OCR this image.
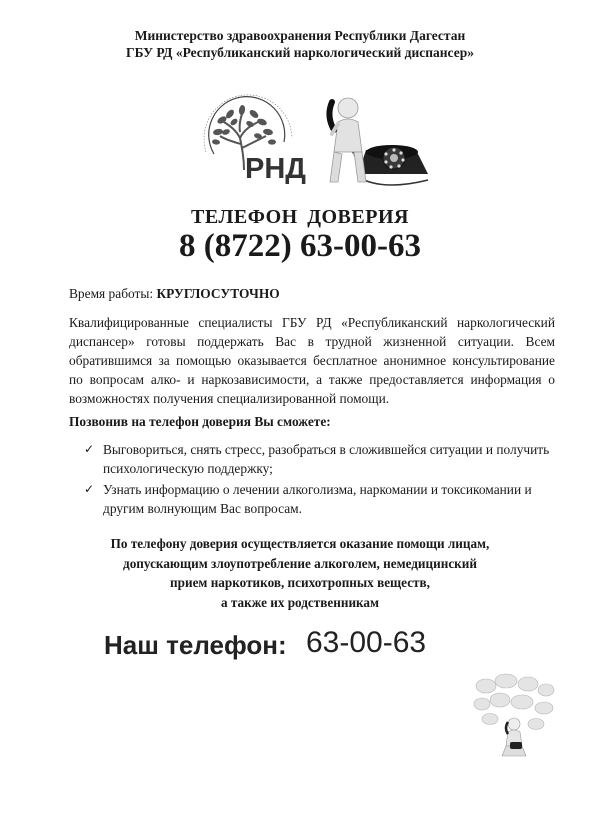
Министерство здравоохранения Республики Дагестан
ГБУ РД «Республиканский наркологический диспансер»
РНД
ТЕЛЕФОН ДОВЕРИЯ
8 (8722) 63-00-63
Время работы: КРУГЛОСУТОЧНО
Квалифицированные специалисты ГБУ РД «Республиканский наркологический
диспансер» готовы поддержать Вас в трудной жизненной ситуации. Всем
обратившимся за помощью оказывается бесплатное анонимное консультирование
по вопросам алко- и наркозависимости, а также предоставляется информация о
возможностях получения специализированной помощи.
Позвонив на телефон доверия Вы сможете:
✓ Выговориться, снять стресс, разобраться в сложившейся ситуации и получить психологическую поддержку;
✓ Узнать информацию о лечении алкоголизма, наркомании и токсикомании и другим волнующим Вас вопросам.
По телефону доверия осуществляется оказание помощи лицам,
допускающим злоупотребление алкоголем, немедицинский
прием наркотиков, психотропных веществ,
а также их родственникам
Наш телефон: 63-00-63
